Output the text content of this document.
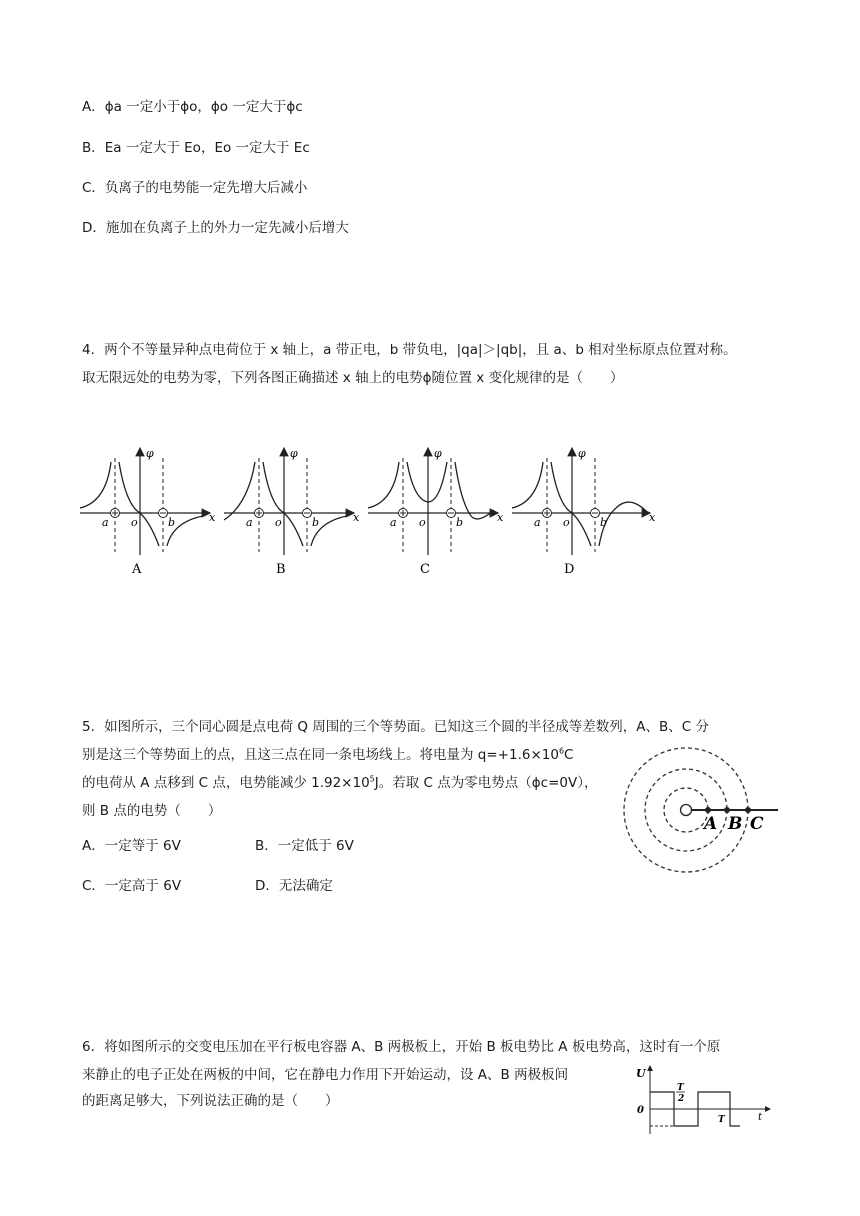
A．ϕa 一定小于ϕo，ϕo 一定大于ϕc
B．Ea 一定大于 Eo，Eo 一定大于 Ec
C．负离子的电势能一定先增大后减小
D．施加在负离子上的外力一定先减小后增大
4．两个不等量异种点电荷位于 x 轴上，a 带正电，b 带负电，|qa|＞|qb|，且 a、b 相对坐标原点位置对称。
取无限远处的电势为零，下列各图正确描述 x 轴上的电势ϕ随位置 x 变化规律的是（　　）
φ
x
a o	b
A
φ
x
a o	b
B
φ
x
a o	b
C
φ
x
a o	b
D
5．如图所示，三个同心圆是点电荷 Q 周围的三个等势面。已知这三个圆的半径成等差数列，A、B、C 分
别是这三个等势面上的点，且这三点在同一条电场线上。将电量为 $q=+1.6\times 10^6C$
的电荷从 A 点移到 C 点，电势能减少 $1.92\times 10^5J$。若取 C 点为零电势点（ϕc=0V），
则 B 点的电势（　　）
A．一定等于 6V	B．一定低于 6V
C．一定高于 6V	D．无法确定
A B C
6．将如图所示的交变电压加在平行板电容器 A、B 两极板上，开始 B 板电势比 A 板电势高，这时有一个原
来静止的电子正处在两板的中间，它在静电力作用下开始运动，设 A、B 两极板间
的距离足够大，下列说法正确的是（　　）
U
0
T
2
T	t
